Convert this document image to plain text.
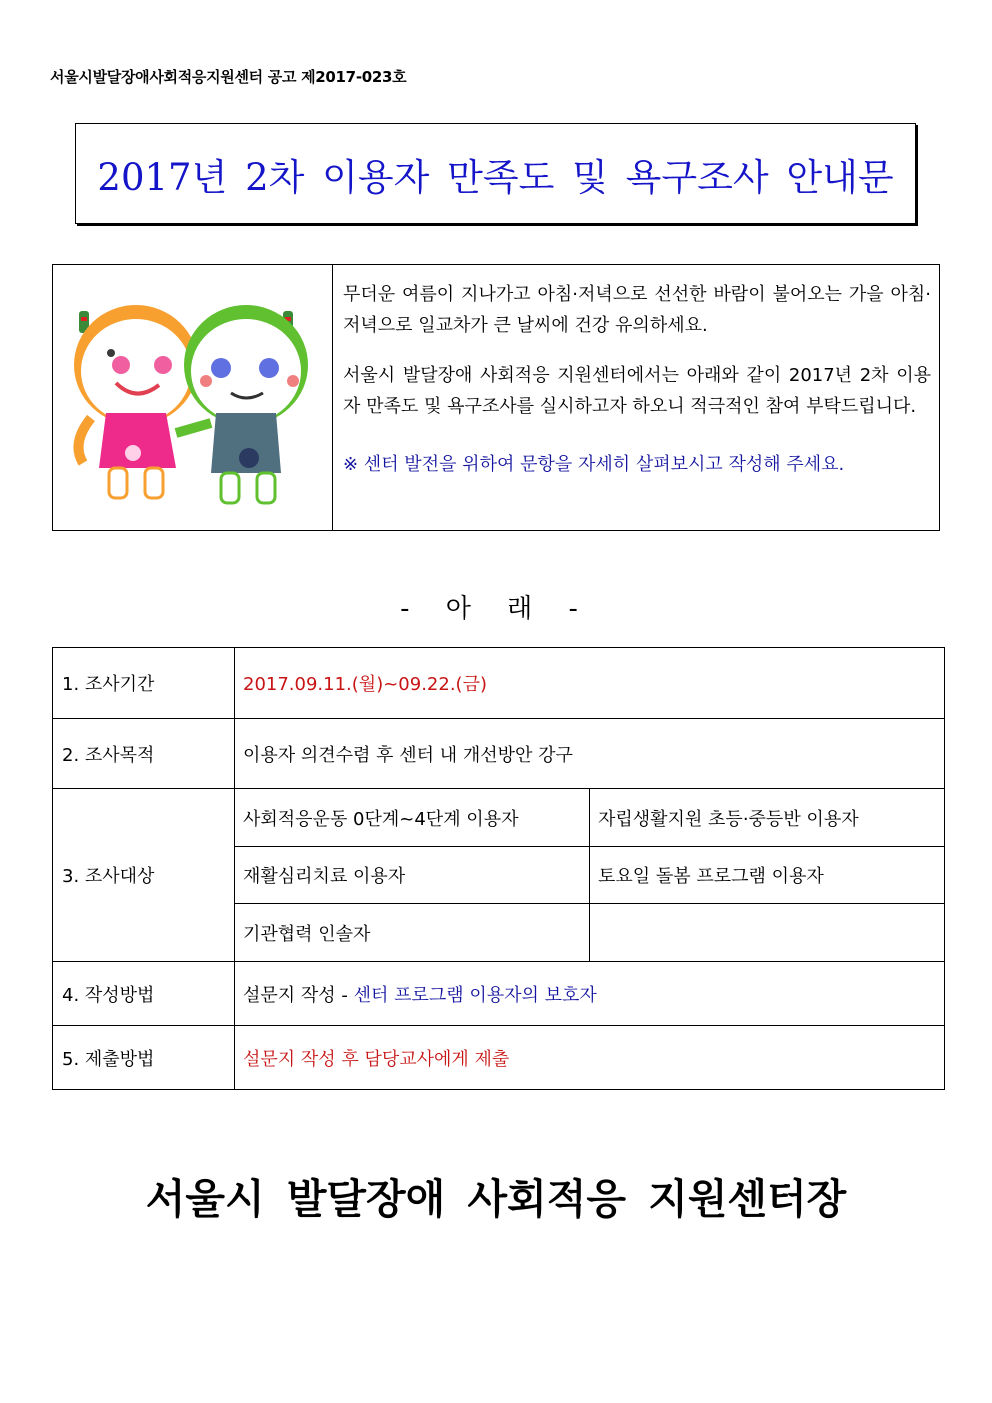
서울시발달장애사회적응지원센터 공고 제2017-023호
2017년 2차 이용자 만족도 및 욕구조사 안내문

무더운 여름이 지나가고 아침·저녁으로 선선한 바람이 불어오는 가을 아침·저녁으로 일교차가 큰 날씨에 건강 유의하세요.

서울시 발달장애 사회적응 지원센터에서는 아래와 같이 2017년 2차 이용자 만족도 및 욕구조사를 실시하고자 하오니 적극적인 참여 부탁드립니다.

※ 센터 발전을 위하여 문항을 자세히 살펴보시고 작성해 주세요.

- 아 래 -
1. 조사기간	2017.09.11.(월)~09.22.(금)	
2. 조사목적	이용자 의견수렴 후 센터 내 개선방안 강구	
3. 조사대상	사회적응운동 0단계~4단계 이용자	자립생활지원 초등·중등반 이용자
	재활심리치료 이용자	토요일 돌봄 프로그램 이용자
	기관협력 인솔자	
4. 작성방법	설문지 작성 - 센터 프로그램 이용자의 보호자	
5. 제출방법	설문지 작성 후 담당교사에게 제출	
서울시 발달장애 사회적응 지원센터장
